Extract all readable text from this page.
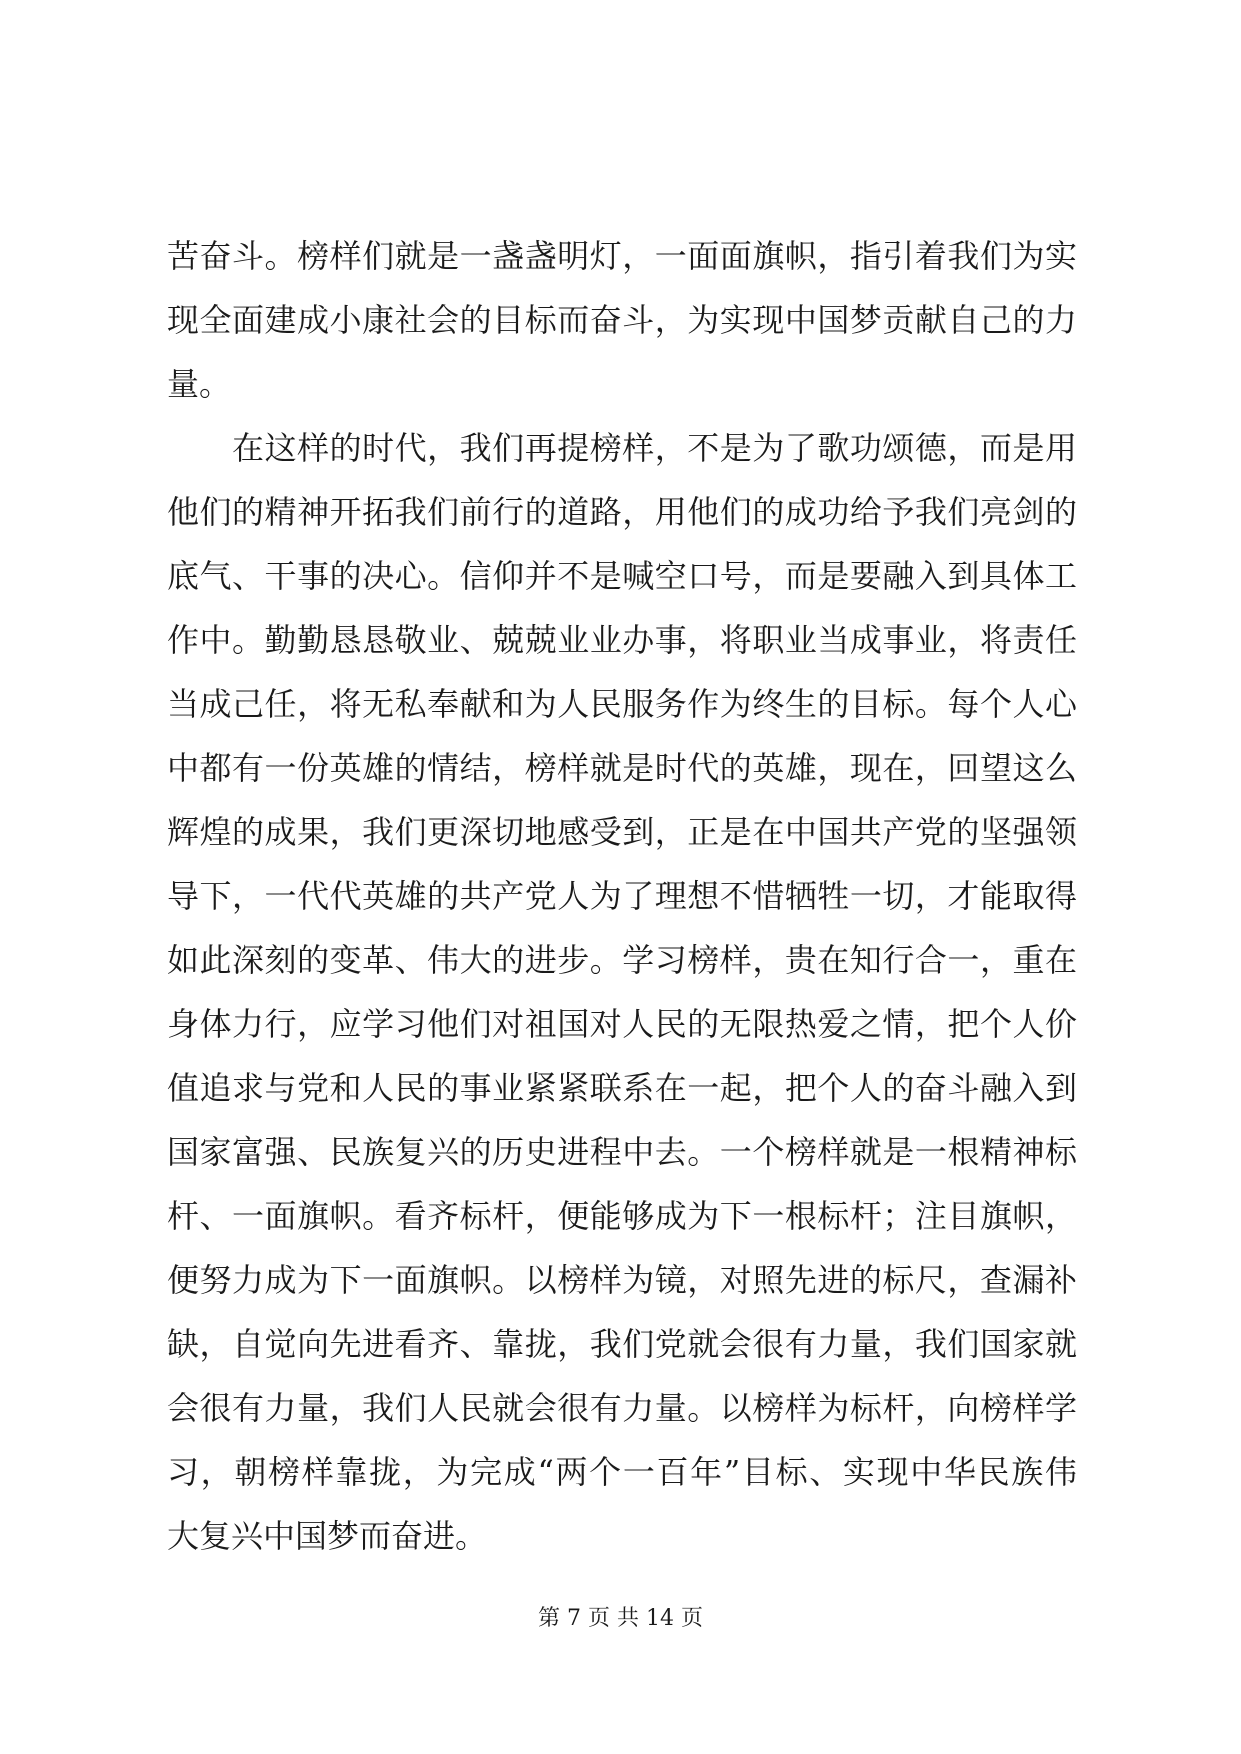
苦奋斗。榜样们就是一盏盏明灯，一面面旗帜，指引着我们为实
现全面建成小康社会的目标而奋斗，为实现中国梦贡献自己的力
量。
　　在这样的时代，我们再提榜样，不是为了歌功颂德，而是用
他们的精神开拓我们前行的道路，用他们的成功给予我们亮剑的
底气、干事的决心。信仰并不是喊空口号，而是要融入到具体工
作中。勤勤恳恳敬业、兢兢业业办事，将职业当成事业，将责任
当成己任，将无私奉献和为人民服务作为终生的目标。每个人心
中都有一份英雄的情结，榜样就是时代的英雄，现在，回望这么
辉煌的成果，我们更深切地感受到，正是在中国共产党的坚强领
导下，一代代英雄的共产党人为了理想不惜牺牲一切，才能取得
如此深刻的变革、伟大的进步。学习榜样，贵在知行合一，重在
身体力行，应学习他们对祖国对人民的无限热爱之情，把个人价
值追求与党和人民的事业紧紧联系在一起，把个人的奋斗融入到
国家富强、民族复兴的历史进程中去。一个榜样就是一根精神标
杆、一面旗帜。看齐标杆，便能够成为下一根标杆；注目旗帜，
便努力成为下一面旗帜。以榜样为镜，对照先进的标尺，查漏补
缺，自觉向先进看齐、靠拢，我们党就会很有力量，我们国家就
会很有力量，我们人民就会很有力量。以榜样为标杆，向榜样学
习，朝榜样靠拢，为完成“两个一百年”目标、实现中华民族伟
大复兴中国梦而奋进。
第 7 页 共 14 页
